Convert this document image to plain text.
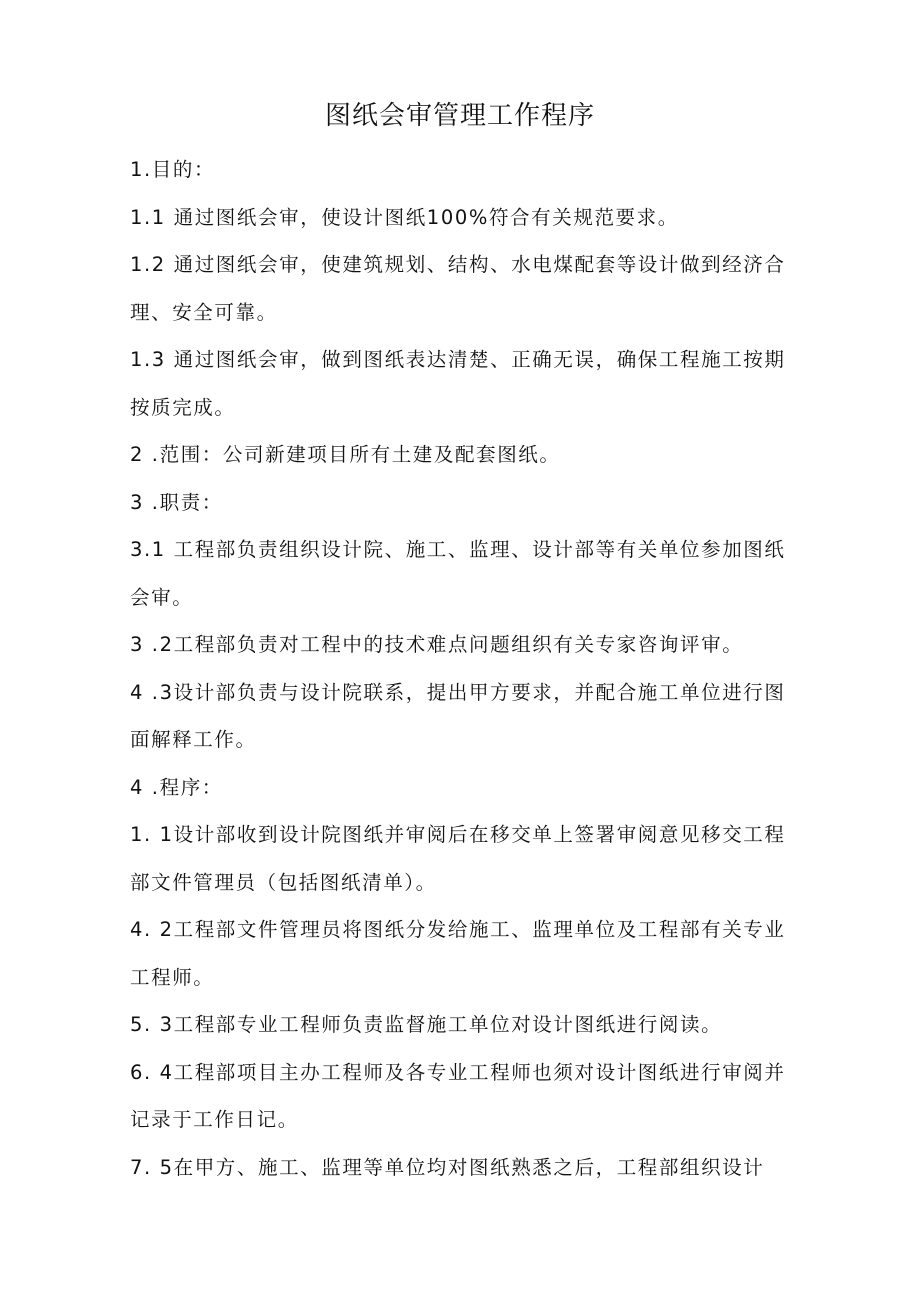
图纸会审管理工作程序

1.目的：

1.1 通过图纸会审，使设计图纸100%符合有关规范要求。

1.2 通过图纸会审，使建筑规划、结构、水电煤配套等设计做到经济合理、安全可靠。

1.3 通过图纸会审，做到图纸表达清楚、正确无误，确保工程施工按期按质完成。

2 .范围：公司新建项目所有土建及配套图纸。

3 .职责：

3.1 工程部负责组织设计院、施工、监理、设计部等有关单位参加图纸会审。

3 .2工程部负责对工程中的技术难点问题组织有关专家咨询评审。

4 .3设计部负责与设计院联系，提出甲方要求，并配合施工单位进行图面解释工作。

4 .程序：

1. 1设计部收到设计院图纸并审阅后在移交单上签署审阅意见移交工程部文件管理员（包括图纸清单）。

4. 2工程部文件管理员将图纸分发给施工、监理单位及工程部有关专业工程师。

5. 3工程部专业工程师负责监督施工单位对设计图纸进行阅读。

6. 4工程部项目主办工程师及各专业工程师也须对设计图纸进行审阅并记录于工作日记。

7. 5在甲方、施工、监理等单位均对图纸熟悉之后，工程部组织设计
